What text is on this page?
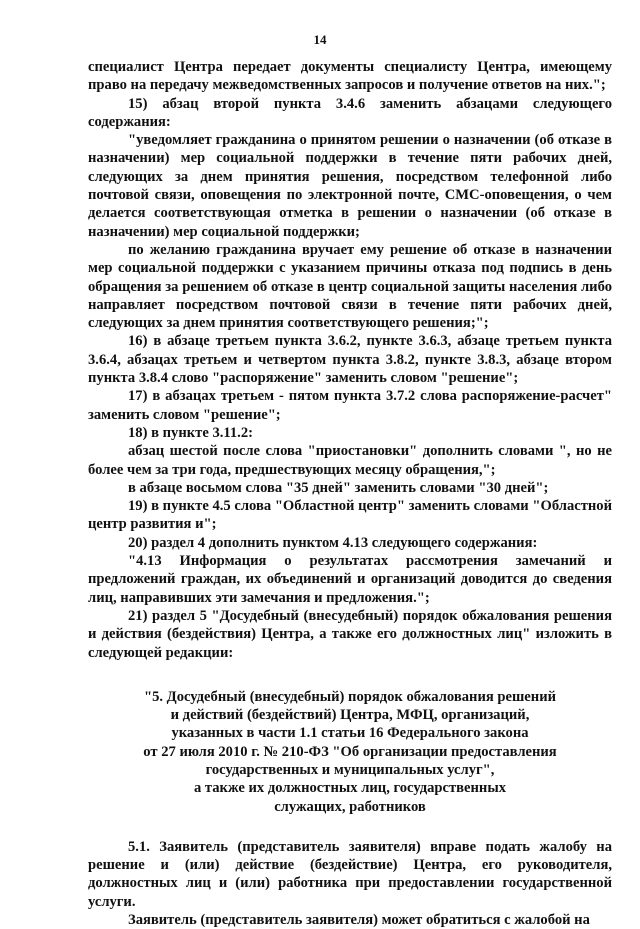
14

специалист Центра передает документы специалисту Центра, имеющему право на передачу межведомственных запросов и получение ответов на них.";

15) абзац второй пункта 3.4.6 заменить абзацами следующего содержания:

"уведомляет гражданина о принятом решении о назначении (об отказе в назначении) мер социальной поддержки в течение пяти рабочих дней, следующих за днем принятия решения, посредством телефонной либо почтовой связи, оповещения по электронной почте, СМС-оповещения, о чем делается соответствующая отметка в решении о назначении (об отказе в назначении) мер социальной поддержки;

по желанию гражданина вручает ему решение об отказе в назначении мер социальной поддержки с указанием причины отказа под подпись в день обращения за решением об отказе в центр социальной защиты населения либо направляет посредством почтовой связи в течение пяти рабочих дней, следующих за днем принятия соответствующего решения;";

16) в абзаце третьем пункта 3.6.2, пункте 3.6.3, абзаце третьем пункта 3.6.4, абзацах третьем и четвертом пункта 3.8.2, пункте 3.8.3, абзаце втором пункта 3.8.4 слово "распоряжение" заменить словом "решение";

17) в абзацах третьем - пятом пункта 3.7.2 слова распоряжение-расчет" заменить словом "решение";

18) в пункте 3.11.2:

абзац шестой после слова "приостановки" дополнить словами ", но не более чем за три года, предшествующих месяцу обращения,";

в абзаце восьмом слова "35 дней" заменить словами "30 дней";

19) в пункте 4.5 слова "Областной центр" заменить словами "Областной центр развития и";

20) раздел 4 дополнить пунктом 4.13 следующего содержания:

"4.13 Информация о результатах рассмотрения замечаний и предложений граждан, их объединений и организаций доводится до сведения лиц, направивших эти замечания и предложения.";

21) раздел 5 "Досудебный (внесудебный) порядок обжалования решения и действия (бездействия) Центра, а также его должностных лиц" изложить в следующей редакции:

"5. Досудебный (внесудебный) порядок обжалования решений
и действий (бездействий) Центра, МФЦ, организаций,
указанных в части 1.1 статьи 16 Федерального закона
от 27 июля 2010 г. № 210-ФЗ "Об организации предоставления
государственных и муниципальных услуг",
а также их должностных лиц, государственных
служащих, работников

5.1. Заявитель (представитель заявителя) вправе подать жалобу на решение и (или) действие (бездействие) Центра, его руководителя, должностных лиц и (или) работника при предоставлении государственной услуги.

Заявитель (представитель заявителя) может обратиться с жалобой на
